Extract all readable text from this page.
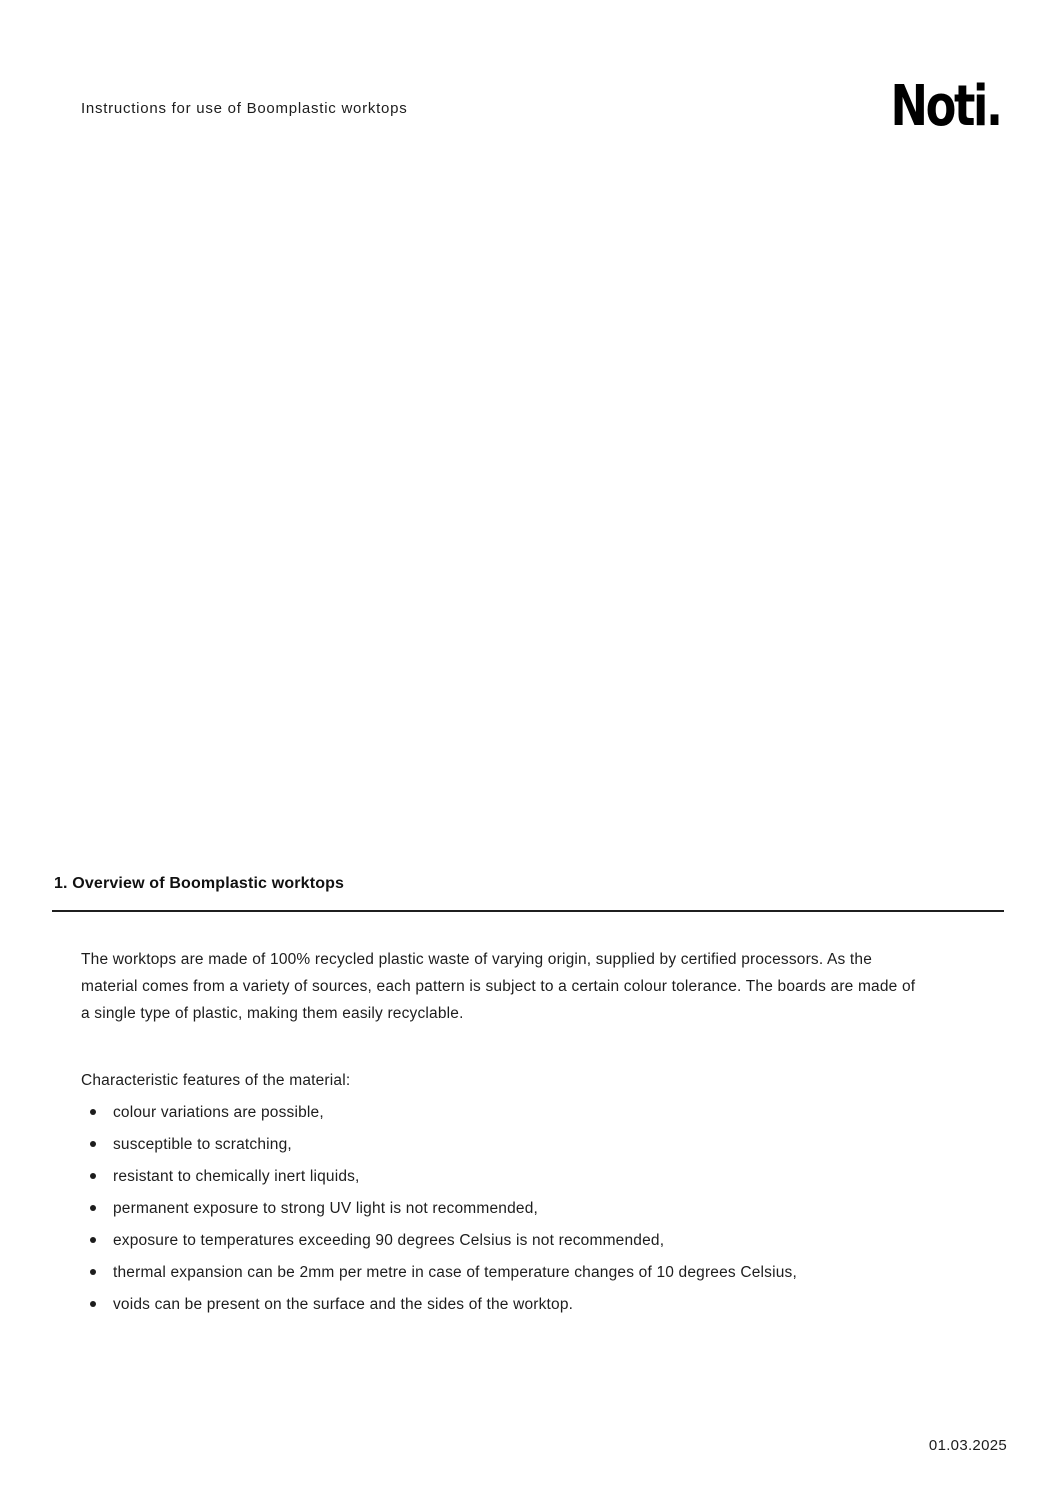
Instructions for use of Boomplastic worktops	Noti.
1. Overview of Boomplastic worktops
The worktops are made of 100% recycled plastic waste of varying origin, supplied by certified processors. As the
material comes from a variety of sources, each pattern is subject to a certain colour tolerance. The boards are made of
a single type of plastic, making them easily recyclable.
Characteristic features of the material:
colour variations are possible,
susceptible to scratching,
resistant to chemically inert liquids,
permanent exposure to strong UV light is not recommended,
exposure to temperatures exceeding 90 degrees Celsius is not recommended,
thermal expansion can be 2mm per metre in case of temperature changes of 10 degrees Celsius,
voids can be present on the surface and the sides of the worktop.
01.03.2025
